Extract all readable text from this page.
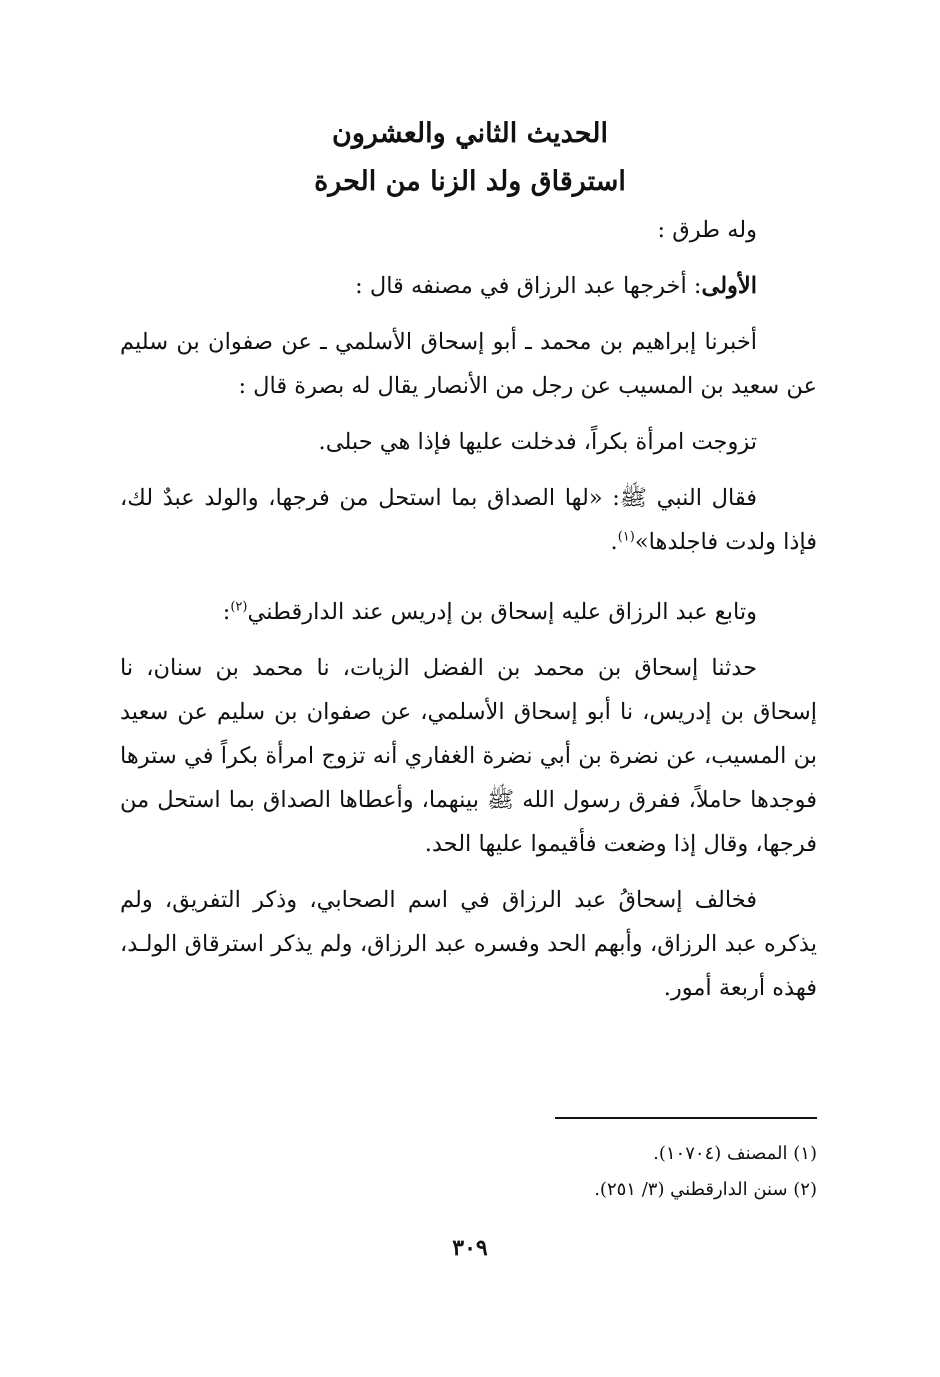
الحديث الثاني والعشرون

استرقاق ولد الزنا من الحرة

وله طرق :

الأولى: أخرجها عبد الرزاق في مصنفه قال :

أخبرنا إبراهيم بن محمد ـ أبو إسحاق الأسلمي ـ عن صفوان بن سليم عن سعيد بن المسيب عن رجل من الأنصار يقال له بصرة قال :

تزوجت امرأة بكراً، فدخلت عليها فإذا هي حبلى.

فقال النبي ﷺ: «لها الصداق بما استحل من فرجها، والولد عبدٌ لك، فإذا ولدت فاجلدها»$^{(١)}$.

وتابع عبد الرزاق عليه إسحاق بن إدريس عند الدارقطني$^{(٢)}$:

حدثنا إسحاق بن محمد بن الفضل الزيات، نا محمد بن سنان، نا إسحاق بن إدريس، نا أبو إسحاق الأسلمي، عن صفوان بن سليم عن سعيد بن المسيب، عن نضرة بن أبي نضرة الغفاري أنه تزوج امرأة بكراً في سترها فوجدها حاملاً، ففرق رسول الله ﷺ بينهما، وأعطاها الصداق بما استحل من فرجها، وقال إذا وضعت فأقيموا عليها الحد.

فخالف إسحاقُ عبد الرزاق في اسم الصحابي، وذكر التفريق، ولم يذكره عبد الرزاق، وأبهم الحد وفسره عبد الرزاق، ولم يذكر استرقاق الولـد، فهذه أربعة أمور.

(١) المصنف (١٠٧٠٤).

(٢) سنن الدارقطني (٣/ ٢٥١).

٣٠٩
